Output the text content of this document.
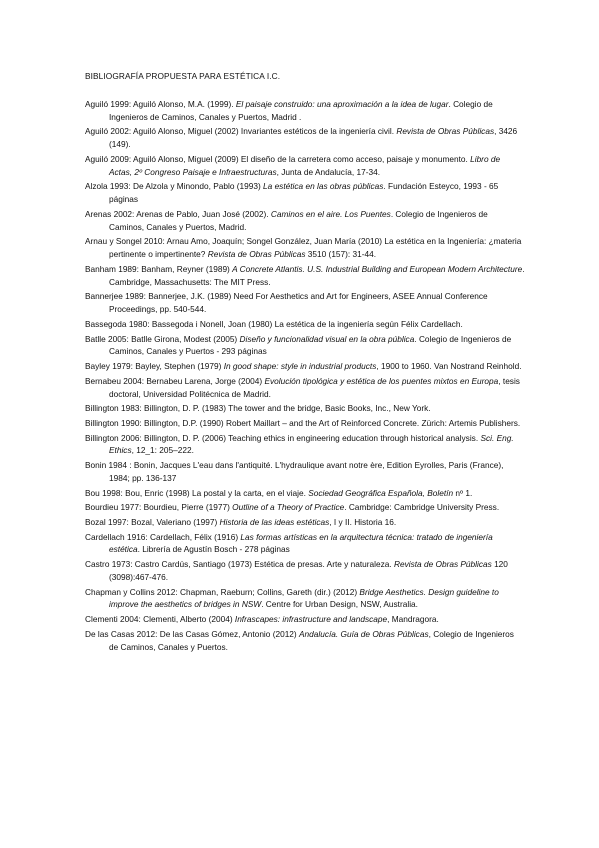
BIBLIOGRAFÍA PROPUESTA PARA ESTÉTICA I.C.
Aguiló 1999: Aguiló Alonso, M.A. (1999). El paisaje construido: una aproximación a la idea de lugar. Colegio de Ingenieros de Caminos, Canales y Puertos, Madrid .
Aguiló 2002: Aguiló Alonso, Miguel (2002) Invariantes estéticos de la ingeniería civil. Revista de Obras Públicas, 3426 (149).
Aguiló 2009: Aguiló Alonso, Miguel (2009) El diseño de la carretera como acceso, paisaje y monumento. Libro de Actas, 2º Congreso Paisaje e Infraestructuras, Junta de Andalucía, 17-34.
Alzola 1993: De Alzola y Minondo, Pablo (1993) La estética en las obras públicas. Fundación Esteyco, 1993 - 65 páginas
Arenas 2002: Arenas de Pablo, Juan José (2002). Caminos en el aire. Los Puentes. Colegio de Ingenieros de Caminos, Canales y Puertos, Madrid.
Arnau y Songel 2010: Arnau Amo, Joaquín; Songel González, Juan María (2010) La estética en la Ingeniería: ¿materia pertinente o impertinente? Revista de Obras Públicas 3510 (157): 31-44.
Banham 1989: Banham, Reyner (1989) A Concrete Atlantis. U.S. Industrial Building and European Modern Architecture. Cambridge, Massachusetts: The MIT Press.
Bannerjee 1989: Bannerjee, J.K. (1989) Need For Aesthetics and Art for Engineers, ASEE Annual Conference Proceedings, pp. 540-544.
Bassegoda 1980: Bassegoda i Nonell, Joan (1980) La estética de la ingeniería según Félix Cardellach.
Batlle 2005: Batlle Girona, Modest (2005) Diseño y funcionalidad visual en la obra pública. Colegio de Ingenieros de Caminos, Canales y Puertos - 293 páginas
Bayley 1979: Bayley, Stephen (1979) In good shape: style in industrial products, 1900 to 1960. Van Nostrand Reinhold.
Bernabeu 2004: Bernabeu Larena, Jorge (2004) Evolución tipológica y estética de los puentes mixtos en Europa, tesis doctoral, Universidad Politécnica de Madrid.
Billington 1983: Billington, D. P. (1983) The tower and the bridge, Basic Books, Inc., New York.
Billington 1990: Billington, D.P. (1990) Robert Maillart – and the Art of Reinforced Concrete. Zürich: Artemis Publishers.
Billington 2006: Billington, D. P. (2006) Teaching ethics in engineering education through historical analysis. Sci. Eng. Ethics, 12_1: 205–222.
Bonin 1984 : Bonin, Jacques L'eau dans l'antiquité. L'hydraulique avant notre ère, Edition Eyrolles, Paris (France), 1984; pp. 136-137
Bou 1998: Bou, Enric (1998) La postal y la carta, en el viaje. Sociedad Geográfica Española, Boletín nº 1.
Bourdieu 1977: Bourdieu, Pierre (1977) Outline of a Theory of Practice. Cambridge: Cambridge University Press.
Bozal 1997: Bozal, Valeriano (1997) Historia de las ideas estéticas, I y II. Historia 16.
Cardellach 1916: Cardellach, Félix (1916) Las formas artísticas en la arquitectura técnica: tratado de ingeniería estética. Librería de Agustín Bosch - 278 páginas
Castro 1973: Castro Cardús, Santiago (1973) Estética de presas. Arte y naturaleza. Revista de Obras Públicas 120 (3098):467-476.
Chapman y Collins 2012: Chapman, Raeburn; Collins, Gareth (dir.) (2012) Bridge Aesthetics. Design guideline to improve the aesthetics of bridges in NSW. Centre for Urban Design, NSW, Australia.
Clementi 2004: Clementi, Alberto (2004) Infrascapes: infrastructure and landscape, Mandragora.
De las Casas 2012: De las Casas Gómez, Antonio (2012) Andalucía. Guía de Obras Públicas, Colegio de Ingenieros de Caminos, Canales y Puertos.
